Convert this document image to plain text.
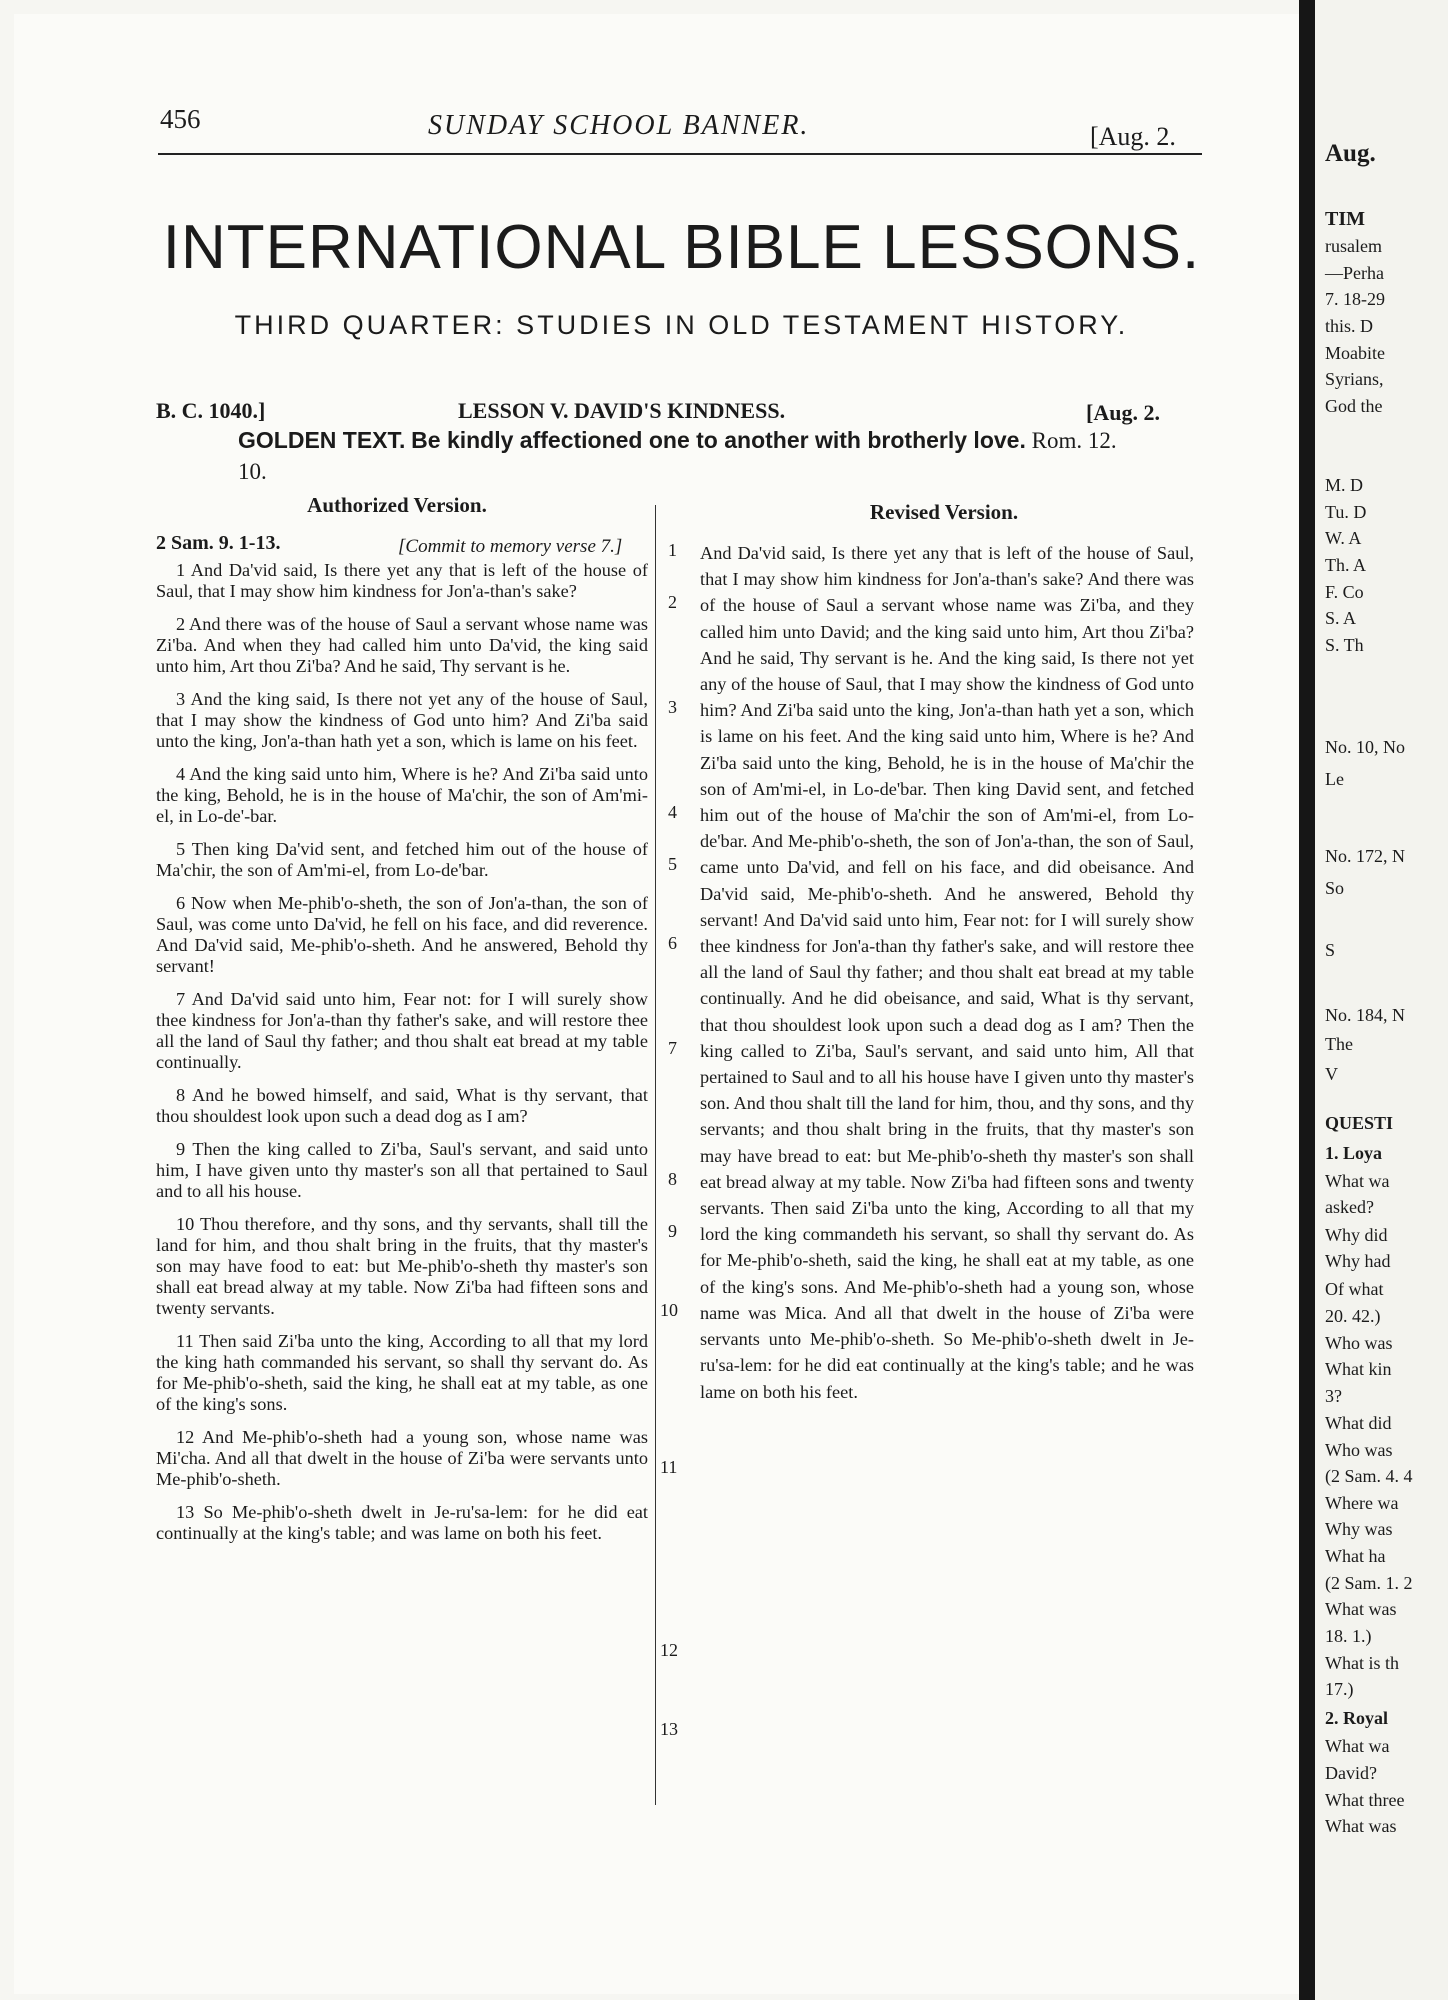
456	SUNDAY SCHOOL BANNER.	[Aug. 2.
INTERNATIONAL BIBLE LESSONS.
THIRD QUARTER: STUDIES IN OLD TESTAMENT HISTORY.
B. C. 1040.]	LESSON V. DAVID'S KINDNESS.	[Aug. 2.
GOLDEN TEXT. Be kindly affectioned one to another with brotherly love. Rom. 12. 10.
Authorized Version.	Revised Version.
2 Sam. 9. 1-13.	[Commit to memory verse 7.]

1 And Da'vid said, Is there yet any that is left of the house of Saul, that I may show him kindness for Jon'a-than's sake?

2 And there was of the house of Saul a servant whose name was Zi'ba. And when they had called him unto Da'vid, the king said unto him, Art thou Zi'ba? And he said, Thy servant is he.

3 And the king said, Is there not yet any of the house of Saul, that I may show the kindness of God unto him? And Zi'ba said unto the king, Jon'a-than hath yet a son, which is lame on his feet.

4 And the king said unto him, Where is he? And Zi'ba said unto the king, Behold, he is in the house of Ma'chir, the son of Am'mi-el, in Lo-de'-bar.

5 Then king Da'vid sent, and fetched him out of the house of Ma'chir, the son of Am'mi-el, from Lo-de'bar.

6 Now when Me-phib'o-sheth, the son of Jon'a-than, the son of Saul, was come unto Da'vid, he fell on his face, and did reverence. And Da'vid said, Me-phib'o-sheth. And he answered, Behold thy servant!

7 And Da'vid said unto him, Fear not: for I will surely show thee kindness for Jon'a-than thy father's sake, and will restore thee all the land of Saul thy father; and thou shalt eat bread at my table continually.

8 And he bowed himself, and said, What is thy servant, that thou shouldest look upon such a dead dog as I am?

9 Then the king called to Zi'ba, Saul's servant, and said unto him, I have given unto thy master's son all that pertained to Saul and to all his house.

10 Thou therefore, and thy sons, and thy servants, shall till the land for him, and thou shalt bring in the fruits, that thy master's son may have food to eat: but Me-phib'o-sheth thy master's son shall eat bread alway at my table. Now Zi'ba had fifteen sons and twenty servants.

11 Then said Zi'ba unto the king, According to all that my lord the king hath commanded his servant, so shall thy servant do. As for Me-phib'o-sheth, said the king, he shall eat at my table, as one of the king's sons.

12 And Me-phib'o-sheth had a young son, whose name was Mi'cha. And all that dwelt in the house of Zi'ba were servants unto Me-phib'o-sheth.

13 So Me-phib'o-sheth dwelt in Je-ru'sa-lem: for he did eat continually at the king's table; and was lame on both his feet.

1
2
3
4
5
6
7
8
9
10
11
12
13

And Da'vid said, Is there yet any that is left of the house of Saul, that I may show him kindness for Jon'a-than's sake? And there was of the house of Saul a servant whose name was Zi'ba, and they called him unto David; and the king said unto him, Art thou Zi'ba? And he said, Thy servant is he. And the king said, Is there not yet any of the house of Saul, that I may show the kindness of God unto him? And Zi'ba said unto the king, Jon'a-than hath yet a son, which is lame on his feet. And the king said unto him, Where is he? And Zi'ba said unto the king, Behold, he is in the house of Ma'chir the son of Am'mi-el, in Lo-de'bar. Then king David sent, and fetched him out of the house of Ma'chir the son of Am'mi-el, from Lo-de'bar. And Me-phib'o-sheth, the son of Jon'a-than, the son of Saul, came unto Da'vid, and fell on his face, and did obeisance. And Da'vid said, Me-phib'o-sheth. And he answered, Behold thy servant! And Da'vid said unto him, Fear not: for I will surely show thee kindness for Jon'a-than thy father's sake, and will restore thee all the land of Saul thy father; and thou shalt eat bread at my table continually. And he did obeisance, and said, What is thy servant, that thou shouldest look upon such a dead dog as I am? Then the king called to Zi'ba, Saul's servant, and said unto him, All that pertained to Saul and to all his house have I given unto thy master's son. And thou shalt till the land for him, thou, and thy sons, and thy servants; and thou shalt bring in the fruits, that thy master's son may have bread to eat: but Me-phib'o-sheth thy master's son shall eat bread alway at my table. Now Zi'ba had fifteen sons and twenty servants. Then said Zi'ba unto the king, According to all that my lord the king commandeth his servant, so shall thy servant do. As for Me-phib'o-sheth, said the king, he shall eat at my table, as one of the king's sons. And Me-phib'o-sheth had a young son, whose name was Mica. And all that dwelt in the house of Zi'ba were servants unto Me-phib'o-sheth. So Me-phib'o-sheth dwelt in Je-ru'sa-lem: for he did eat continually at the king's table; and he was lame on both his feet.

Aug.
TIM
rusalem
—Perha
7. 18-29
this. D
Moabite
Syrians,
God the
M. D
Tu. D
W. A
Th. A
F. Co
S. A
S. Th
No. 10, No
Le
No. 172, N
So
S
No. 184, N
The
V
QUESTI
1. Loya
What wa
asked?
Why did
Why had
Of what
20. 42.)
Who was
What kin
3?
What did
Who was
(2 Sam. 4. 4
Where wa
Why was
What ha
(2 Sam. 1. 2
What was
18. 1.)
What is th
17.)
2. Royal
What wa
David?
What three
What was
